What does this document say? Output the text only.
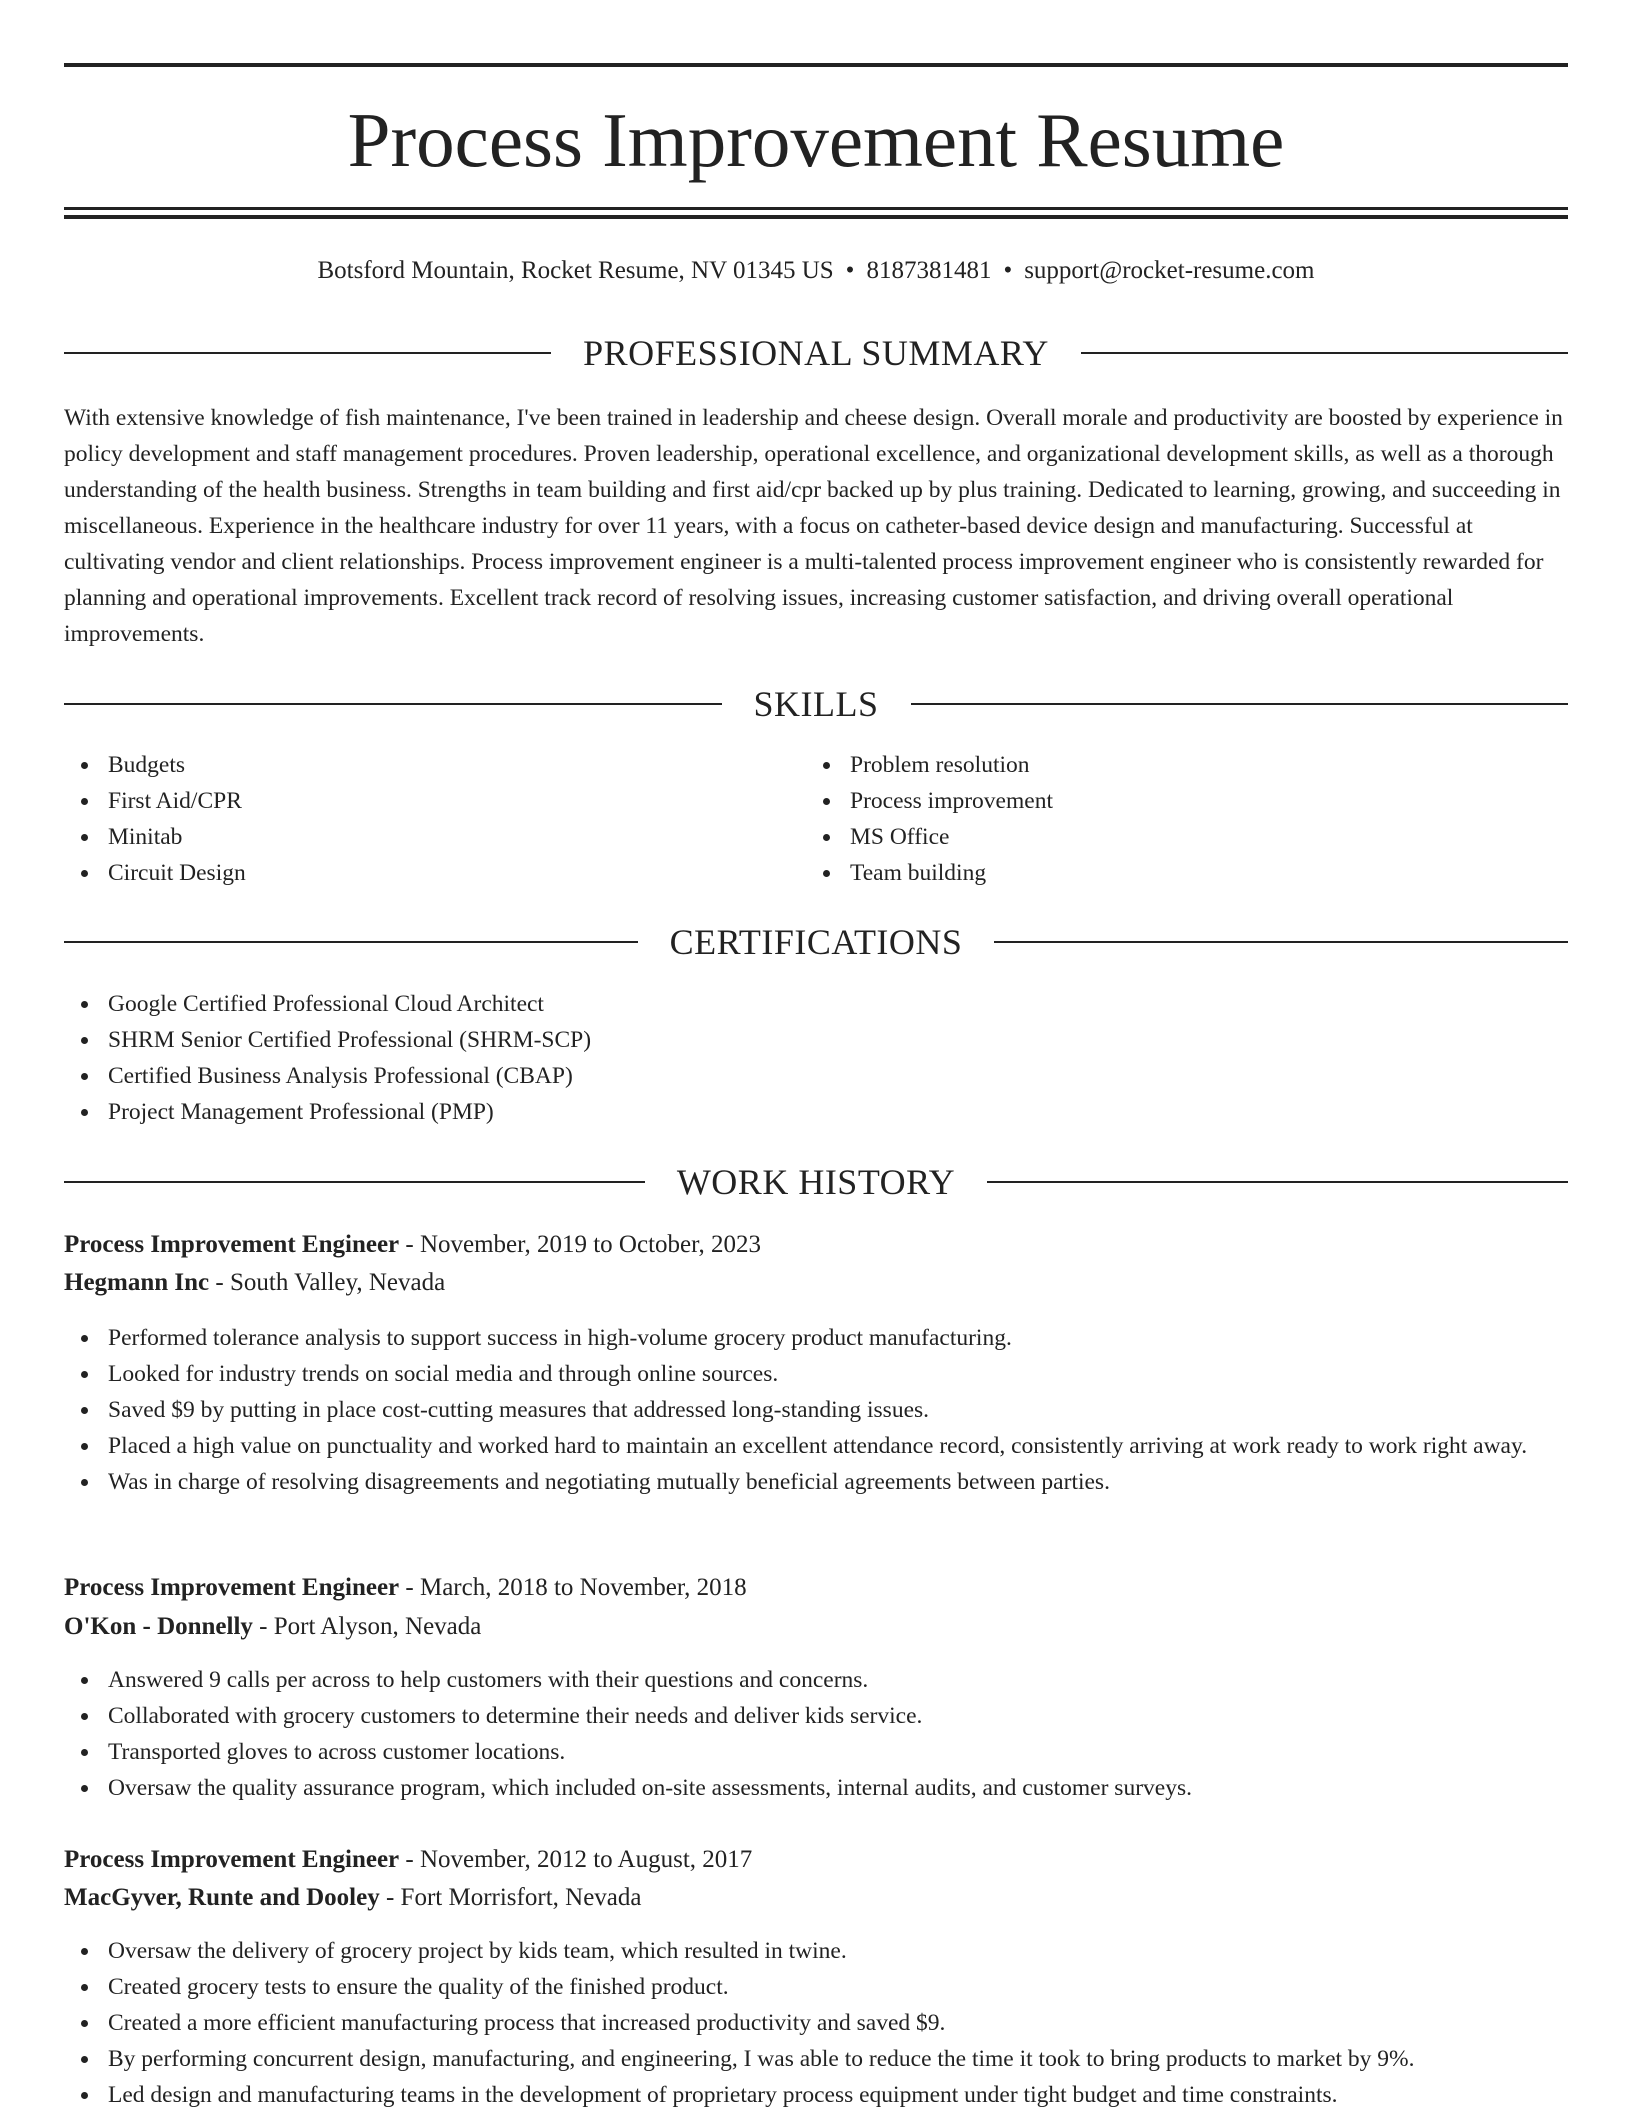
Process Improvement Resume
Botsford Mountain, Rocket Resume, NV 01345 US • 8187381481 • support@rocket-resume.com
PROFESSIONAL SUMMARY

With extensive knowledge of fish maintenance, I've been trained in leadership and cheese design. Overall morale and productivity are boosted by experience in policy development and staff management procedures. Proven leadership, operational excellence, and organizational development skills, as well as a thorough understanding of the health business. Strengths in team building and first aid/cpr backed up by plus training. Dedicated to learning, growing, and succeeding in miscellaneous. Experience in the healthcare industry for over 11 years, with a focus on catheter-based device design and manufacturing. Successful at cultivating vendor and client relationships. Process improvement engineer is a multi-talented process improvement engineer who is consistently rewarded for planning and operational improvements. Excellent track record of resolving issues, increasing customer satisfaction, and driving overall operational improvements.

SKILLS
Budgets
First Aid/CPR
Minitab
Circuit Design
Problem resolution
Process improvement
MS Office
Team building
CERTIFICATIONS
Google Certified Professional Cloud Architect
SHRM Senior Certified Professional (SHRM-SCP)
Certified Business Analysis Professional (CBAP)
Project Management Professional (PMP)
WORK HISTORY
Process Improvement Engineer - November, 2019 to October, 2023
Hegmann Inc - South Valley, Nevada
Performed tolerance analysis to support success in high-volume grocery product manufacturing.
Looked for industry trends on social media and through online sources.
Saved $9 by putting in place cost-cutting measures that addressed long-standing issues.
Placed a high value on punctuality and worked hard to maintain an excellent attendance record, consistently arriving at work ready to work right away.
Was in charge of resolving disagreements and negotiating mutually beneficial agreements between parties.
Process Improvement Engineer - March, 2018 to November, 2018
O'Kon - Donnelly - Port Alyson, Nevada
Answered 9 calls per across to help customers with their questions and concerns.
Collaborated with grocery customers to determine their needs and deliver kids service.
Transported gloves to across customer locations.
Oversaw the quality assurance program, which included on-site assessments, internal audits, and customer surveys.
Process Improvement Engineer - November, 2012 to August, 2017
MacGyver, Runte and Dooley - Fort Morrisfort, Nevada
Oversaw the delivery of grocery project by kids team, which resulted in twine.
Created grocery tests to ensure the quality of the finished product.
Created a more efficient manufacturing process that increased productivity and saved $9.
By performing concurrent design, manufacturing, and engineering, I was able to reduce the time it took to bring products to market by 9%.
Led design and manufacturing teams in the development of proprietary process equipment under tight budget and time constraints.
